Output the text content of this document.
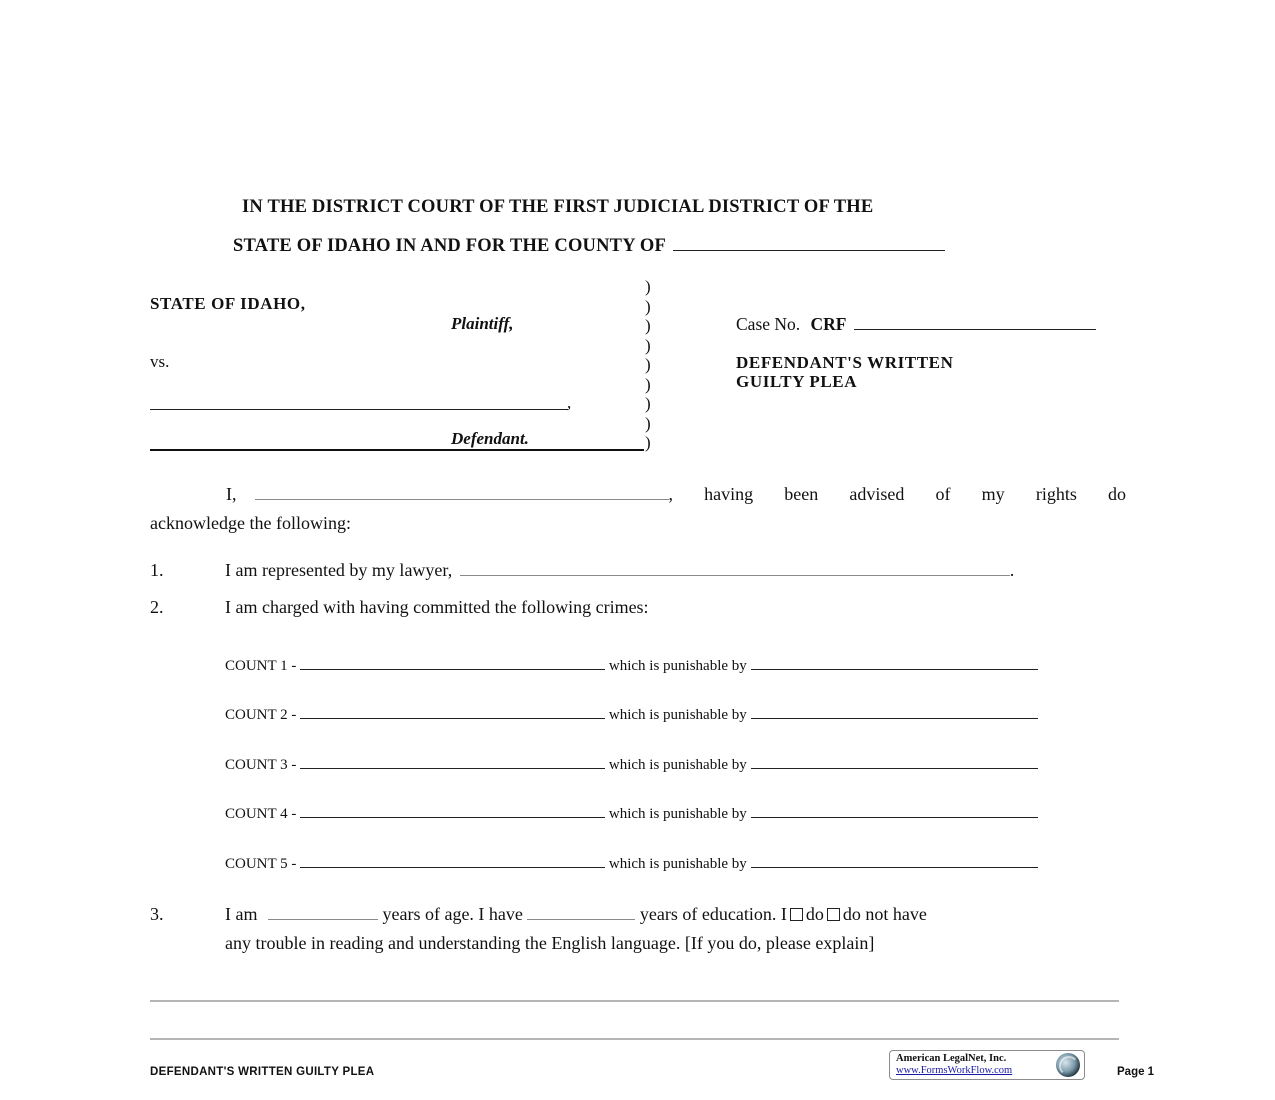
IN THE DISTRICT COURT OF THE FIRST JUDICIAL DISTRICT OF THE
STATE OF IDAHO IN AND FOR THE COUNTY OF
STATE OF IDAHO,
Plaintiff,
vs.
,
Defendant.
)
)
)
)
)
)
)
)
)
Case No. CRF
DEFENDANT'S WRITTEN
GUILTY PLEA
I,	, having been advised of my rights do
acknowledge the following:
1.	I am represented by my lawyer,	.
2.	I am charged with having committed the following crimes:
COUNT 1 -	which is punishable by
COUNT 2 -	which is punishable by
COUNT 3 -	which is punishable by
COUNT 4 -	which is punishable by
COUNT 5 -	which is punishable by
3.	I am	years of age. I have	years of education. I do do not have
any trouble in reading and understanding the English language. [If you do, please explain]
DEFENDANT'S WRITTEN GUILTY PLEA
American LegalNet, Inc.
www.FormsWorkFlow.com	Page 1
